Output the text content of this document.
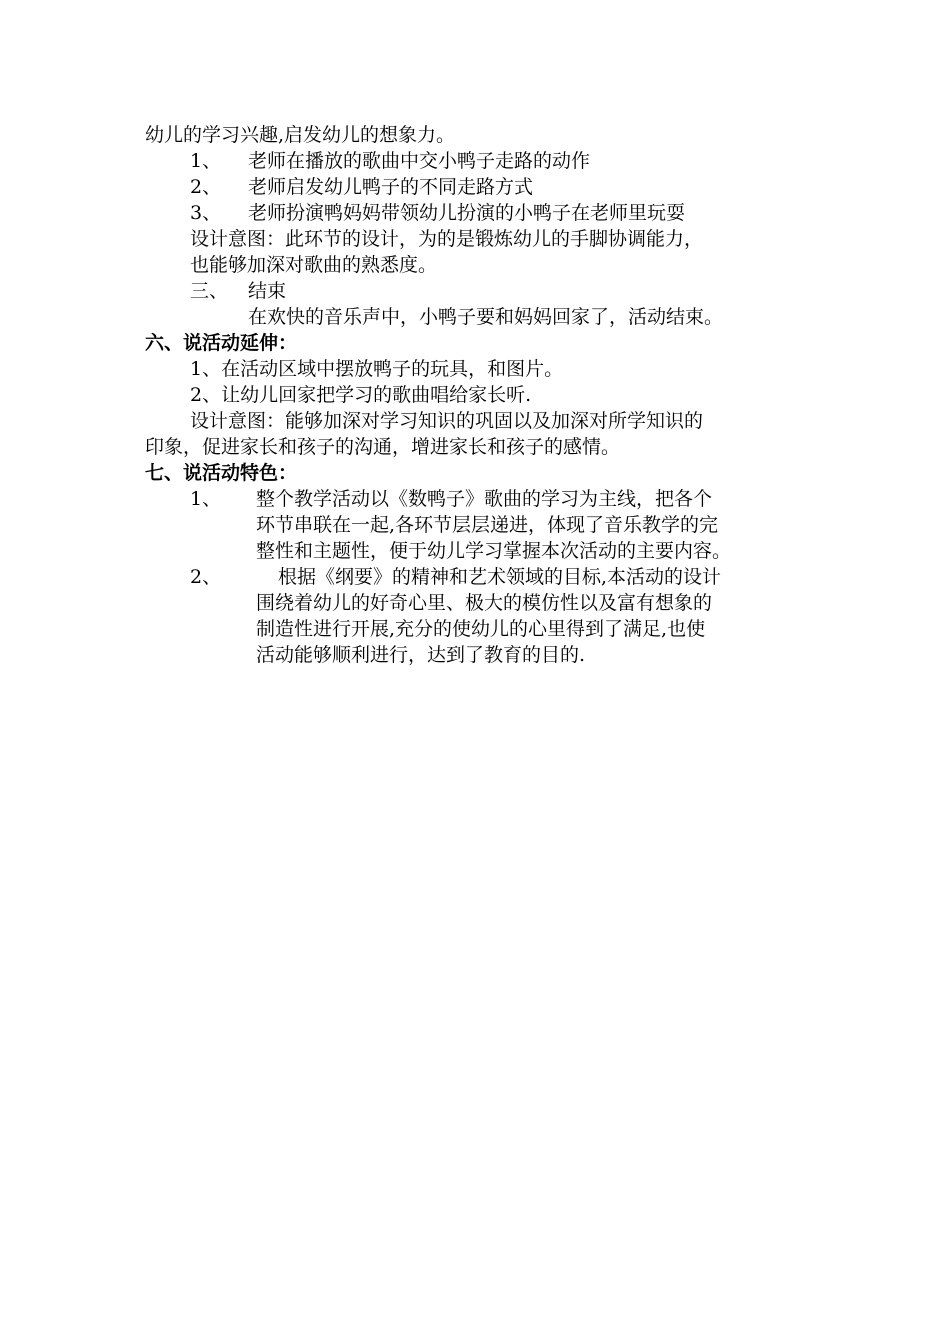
幼儿的学习兴趣,启发幼儿的想象力。
1、 老师在播放的歌曲中交小鸭子走路的动作
2、 老师启发幼儿鸭子的不同走路方式
3、 老师扮演鸭妈妈带领幼儿扮演的小鸭子在老师里玩耍
设计意图：此环节的设计，为的是锻炼幼儿的手脚协调能力，
也能够加深对歌曲的熟悉度。
三、 结束
在欢快的音乐声中，小鸭子要和妈妈回家了，活动结束。
六、说活动延伸：
1、在活动区域中摆放鸭子的玩具，和图片。
2、让幼儿回家把学习的歌曲唱给家长听.
设计意图：能够加深对学习知识的巩固以及加深对所学知识的
印象，促进家长和孩子的沟通，增进家长和孩子的感情。
七、说活动特色：
1、 整个教学活动以《数鸭子》歌曲的学习为主线，把各个
环节串联在一起,各环节层层递进，体现了音乐教学的完
整性和主题性，便于幼儿学习掌握本次活动的主要内容。
2、	根据《纲要》的精神和艺术领域的目标,本活动的设计
围绕着幼儿的好奇心里、极大的模仿性以及富有想象的
制造性进行开展,充分的使幼儿的心里得到了满足,也使
活动能够顺利进行，达到了教育的目的.
